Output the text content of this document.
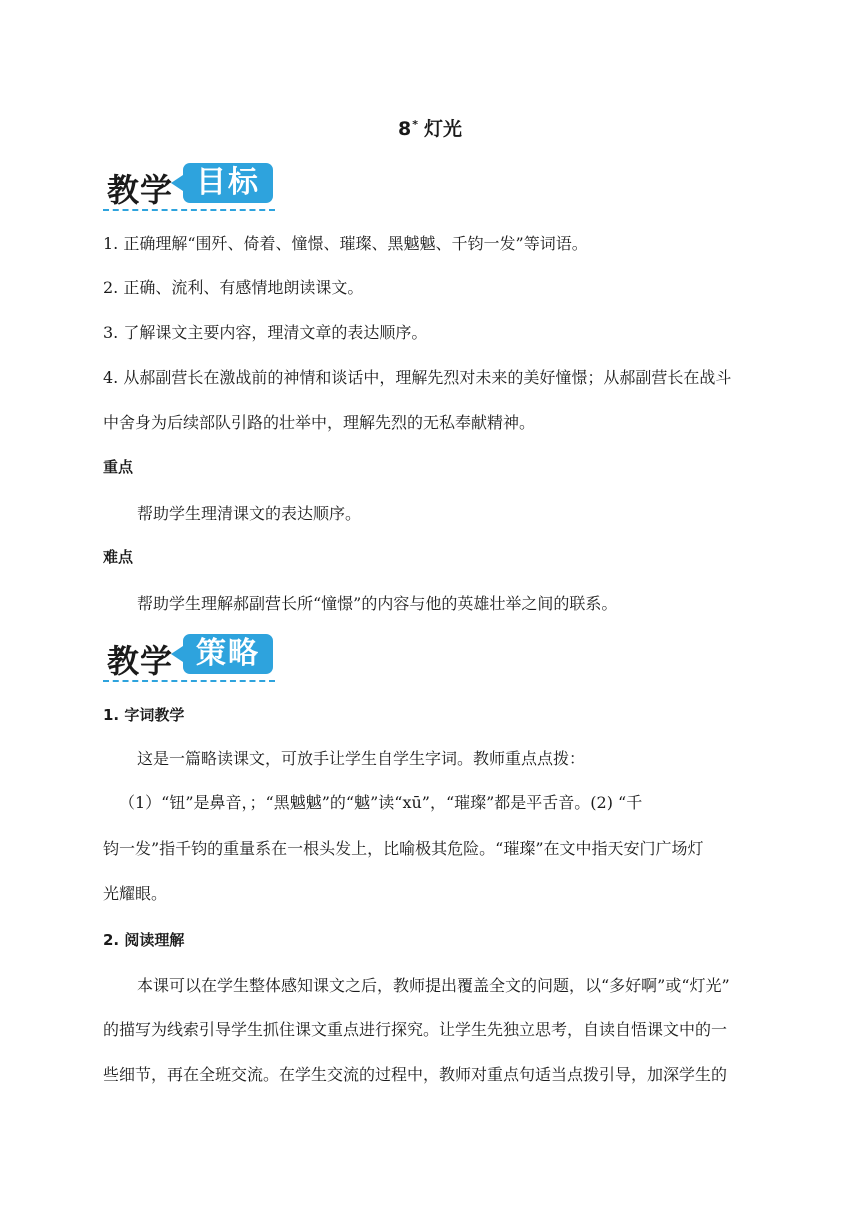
8* 灯光
教学 目标
1. 正确理解“围歼、倚着、憧憬、璀璨、黑魆魆、千钧一发”等词语。
2. 正确、流利、有感情地朗读课文。
3. 了解课文主要内容，理清文章的表达顺序。
4. 从郝副营长在激战前的神情和谈话中，理解先烈对未来的美好憧憬；从郝副营长在战斗
中舍身为后续部队引路的壮举中，理解先烈的无私奉献精神。
重点
帮助学生理清课文的表达顺序。
难点
帮助学生理解郝副营长所“憧憬”的内容与他的英雄壮举之间的联系。
教学 策略
1. 字词教学
这是一篇略读课文，可放手让学生自学生字词。教师重点点拨：
（1）“钮”是鼻音，；“黑魆魆”的“魆”读“xū”，“璀璨”都是平舌音。(2) “千
钧一发”指千钧的重量系在一根头发上，比喻极其危险。“璀璨”在文中指天安门广场灯
光耀眼。
2. 阅读理解
本课可以在学生整体感知课文之后，教师提出覆盖全文的问题，以“多好啊”或“灯光”
的描写为线索引导学生抓住课文重点进行探究。让学生先独立思考，自读自悟课文中的一
些细节，再在全班交流。在学生交流的过程中，教师对重点句适当点拨引导，加深学生的
